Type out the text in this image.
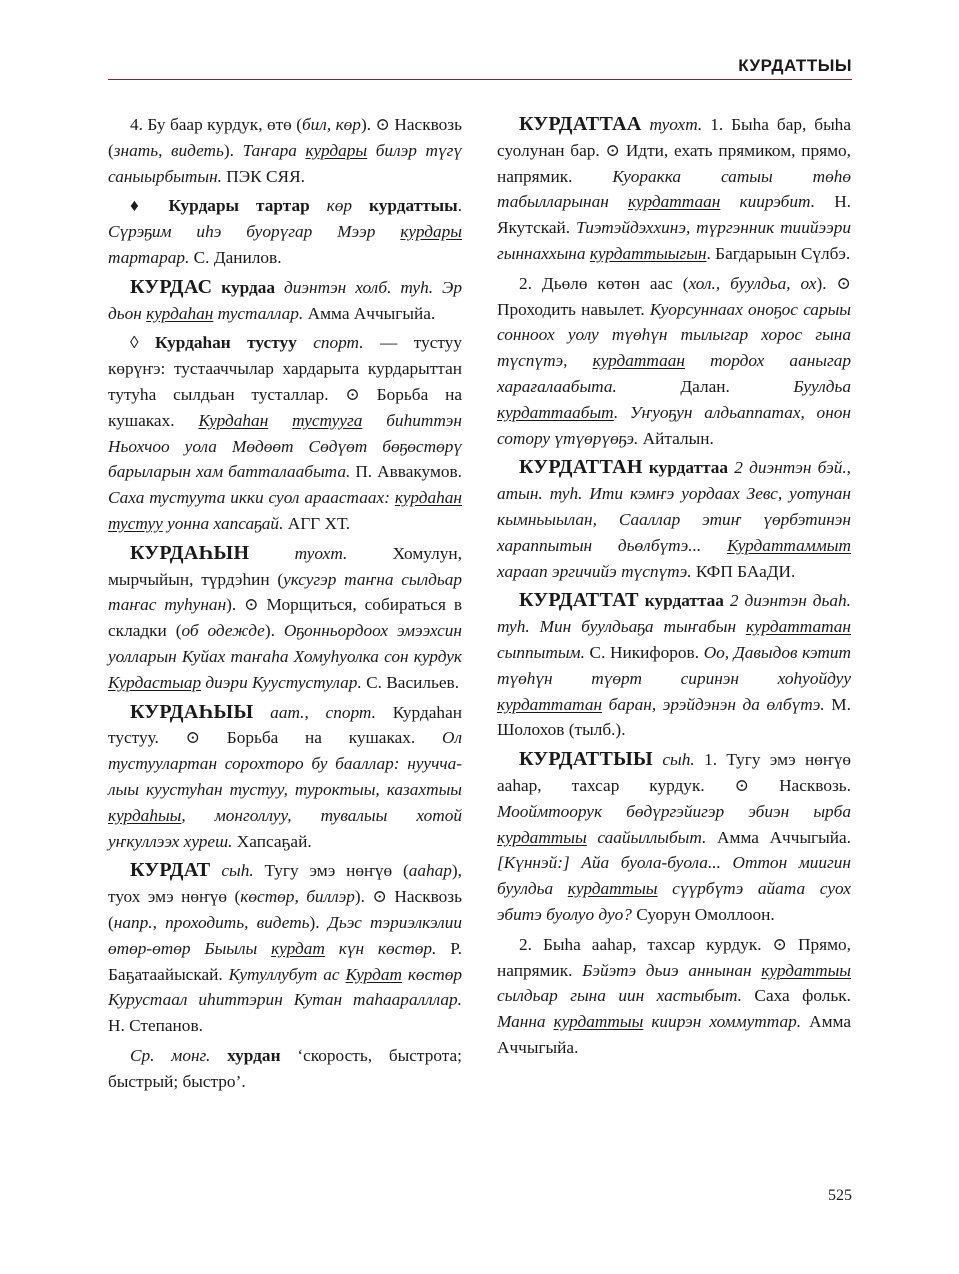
КУРДАТТЫЫ

4. Бу баар курдук, өтө (бил, көр). ⊙ Насквозь (знать, видеть). Таҥара курдары билэр түгү саныырбытын. ПЭК СЯЯ.

♦ Курдары тартар көр курдаттыы. Сүрэҕим иһэ буорүгар Мээр курдары тартарар. С. Данилов.

КУРДАС курдаа диэнтэн холб. туһ. Эр дьон курдаһан тусталлар. Амма Аччыгыйа.

◊ Курдаһан тустуу спорт. — тустуу көрүҥэ: тустааччылар хардарыта курдарыттан тутуһа сылдьан тусталлар. ⊙ Борьба на кушаках. Курдаһан тустууга биһиттэн Ньохчоо уола Мөдөөт Сөдүөт бөҕөстөрү барыларын хам батталаабыта. П. Аввакумов. Саха тустуута икки суол араастаах: курдаһан тустуу уонна хапсаҕай. АГГ ХТ.

КУРДАҺЫН туохт. Хомулун, мырчыйын, түрдэһин (уксугэр таҥна сылдьар таҥас туһунан). ⊙ Морщиться, собираться в складки (об одежде). Оҕонньордоох эмээхсин уолларын Куйах таҥаһа Хомуһуолка сон курдук Курдастыар диэри Куустустулар. С. Васильев.

КУРДАҺЫЫ аат., спорт. Курдаһан тустуу. ⊙ Борьба на кушаках. Ол тустуулартан сорохторо бу бааллар: нууччалыы куустуһан тустуу, туроктыы, казахтыы курдаһыы, монголлуу, тувалыы хотой уҥкуллээх хуреш. Хапсаҕай.

КУРДАТ сыһ. Тугу эмэ нөҥүө (ааһар), туох эмэ нөҥүө (көстөр, биллэр). ⊙ Насквозь (напр., проходить, видеть). Дьэс тэриэлкэлии өтөр-өтөр Быылы курдат күн көстөр. Р. Баҕатаайыскай. Кутуллубут ас Курдат көстөр Курустаал иһиттэрин Кутан таһааралллар. Н. Степанов.

Ср. монг. хурдан ‘скорость, быстрота; быстрый; быстро’.

КУРДАТТАА туохт. 1. Быһа бар, быһа суолунан бар. ⊙ Идти, ехать прямиком, прямо, напрямик. Куоракка сатыы төһө табылларынан курдаттаан киирэбит. Н. Якутскай. Тиэтэйдэххинэ, түргэнник тиийээри гыннаххына курдаттыыгын. Багдарыын Сүлбэ.

2. Дьөлө көтөн аас (хол., буулдьа, ох). ⊙ Проходить навылет. Куорсуннаах оноҕос сарыы сонноох уолу түөһүн тылыгар хорос гына түспүтэ, курдаттаан тордох ааныгар харағалаабыта. Далан. Буулдьа курдаттаабыт. Уҥуоҕун алдьаппатах, онон сотору үтүөрүөҕэ. Айталын.

КУРДАТТАН курдаттаа 2 диэнтэн бэй., атын. туһ. Ити кэмҥэ уордаах Зевс, уотунан кымньыылан, Сааллар этиҥ үөрбэтинэн хараппытын дьөлбүтэ... Курдаттаммыт хараап эргичийэ түспүтэ. КФП БАаДИ.

КУРДАТТАТ курдаттаа 2 диэнтэн дьаһ. туһ. Мин буулдьаҕа тыҥабын курдаттатан сыппытым. С. Никифоров. Оо, Давыдов кэтит түөһүн түөрт сиринэн хоһуойдуу курдаттатан баран, эрэйдэнэн да өлбүтэ. М. Шолохов (тылб.).

КУРДАТТЫЫ сыһ. 1. Тугу эмэ нөҥүө ааһар, тахсар курдук. ⊙ Насквозь. Мооймтоорук бөдүргэйигэр эбиэн ырба курдаттыы саайыллыбыт. Амма Аччыгыйа. [Күннэй:] Айа буола-буола... Оттон миигин буулдьа курдаттыы сүүрбүтэ айата суох эбитэ буолуо дуо? Суорун Омоллоон.

2. Быһа ааһар, тахсар курдук. ⊙ Прямо, напрямик. Бэйэтэ дьиэ аннынан курдаттыы сылдьар гына иин хастыбыт. Саха фольк. Манна курдаттыы киирэн хоммуттар. Амма Аччыгыйа.

525
